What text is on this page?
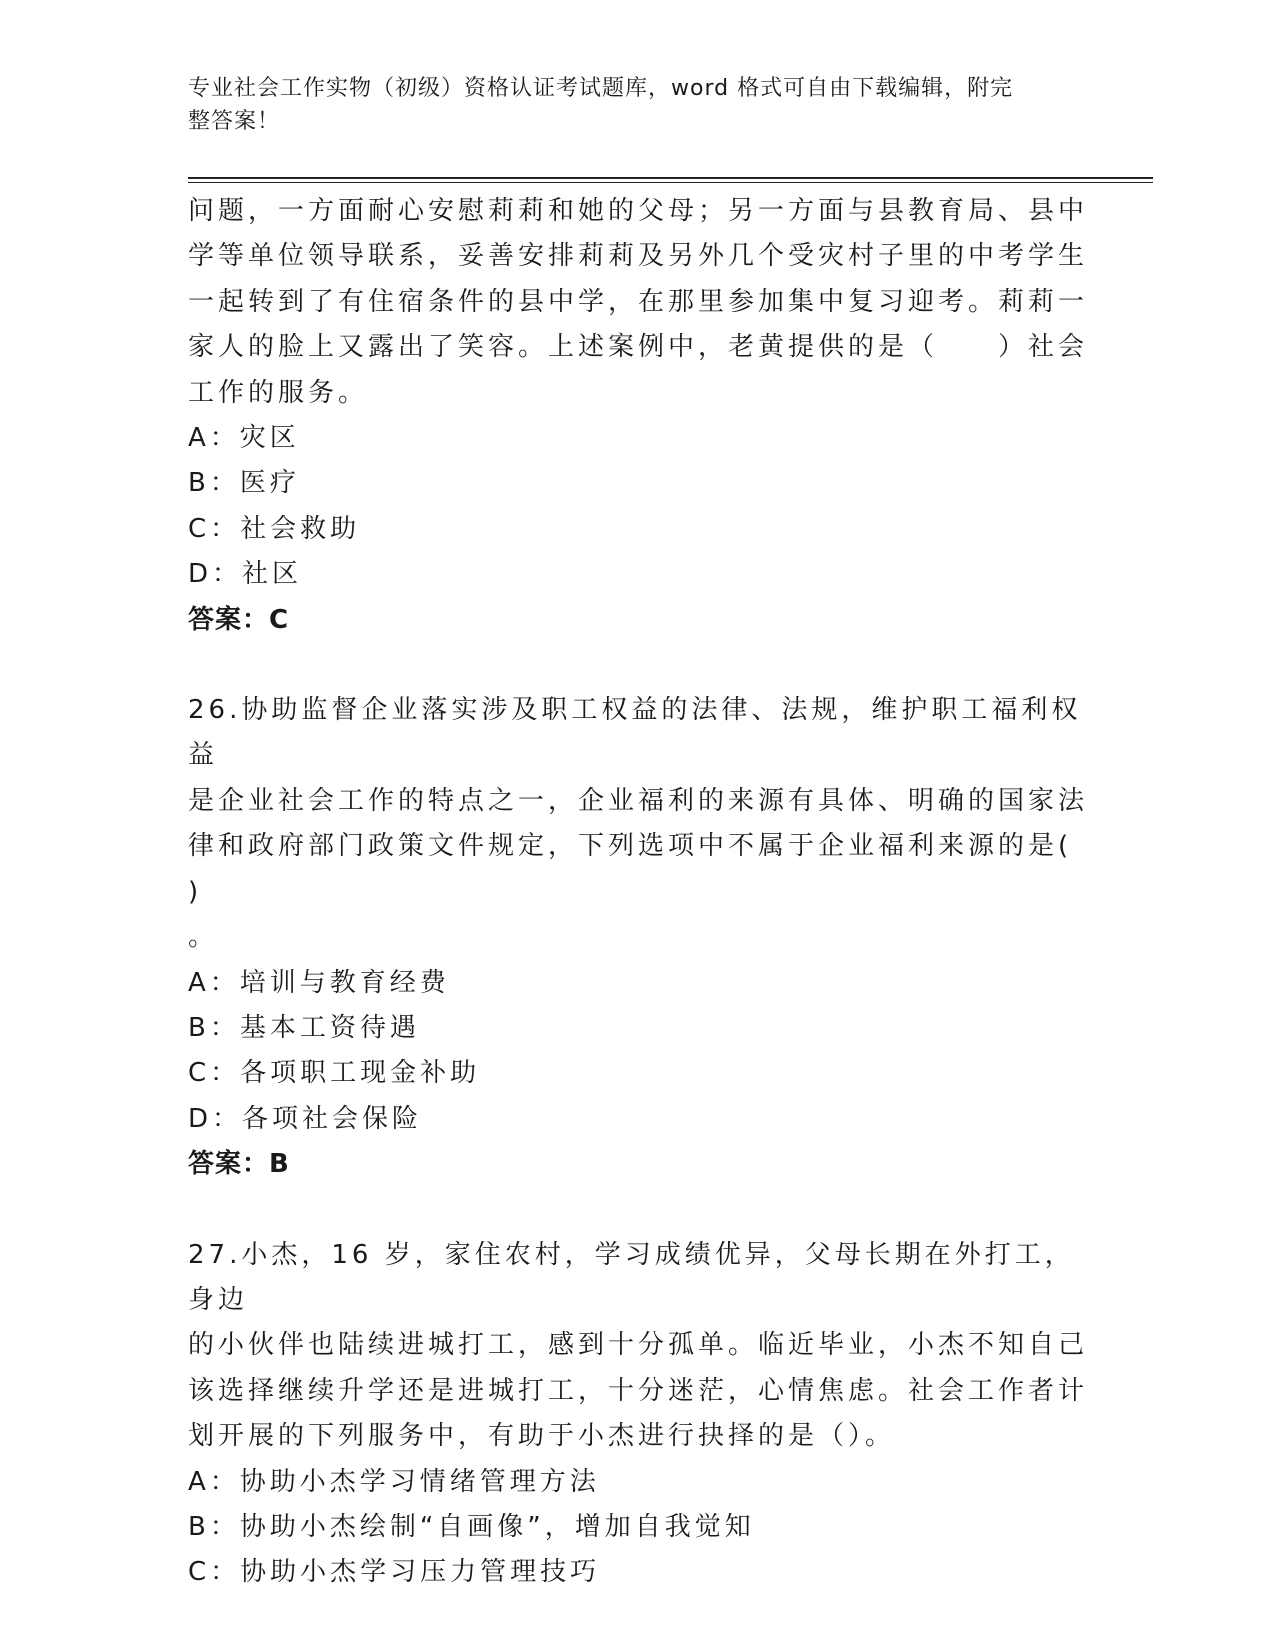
专业社会工作实物（初级）资格认证考试题库，word 格式可自由下载编辑，附完
整答案！

问题，一方面耐心安慰莉莉和她的父母；另一方面与县教育局、县中

学等单位领导联系，妥善安排莉莉及另外几个受灾村子里的中考学生

一起转到了有住宿条件的县中学，在那里参加集中复习迎考。莉莉一

家人的脸上又露出了笑容。上述案例中，老黄提供的是（　　）社会

工作的服务。

A：灾区

B：医疗

C：社会救助

D：社区

答案：C

26.协助监督企业落实涉及职工权益的法律、法规，维护职工福利权益

是企业社会工作的特点之一，企业福利的来源有具体、明确的国家法

律和政府部门政策文件规定，下列选项中不属于企业福利来源的是( )

。

A：培训与教育经费

B：基本工资待遇

C：各项职工现金补助

D：各项社会保险

答案：B

27.小杰，16 岁，家住农村，学习成绩优异，父母长期在外打工，身边

的小伙伴也陆续进城打工，感到十分孤单。临近毕业，小杰不知自己

该选择继续升学还是进城打工，十分迷茫，心情焦虑。社会工作者计

划开展的下列服务中，有助于小杰进行抉择的是（）。

A：协助小杰学习情绪管理方法

B：协助小杰绘制“自画像”，增加自我觉知

C：协助小杰学习压力管理技巧
